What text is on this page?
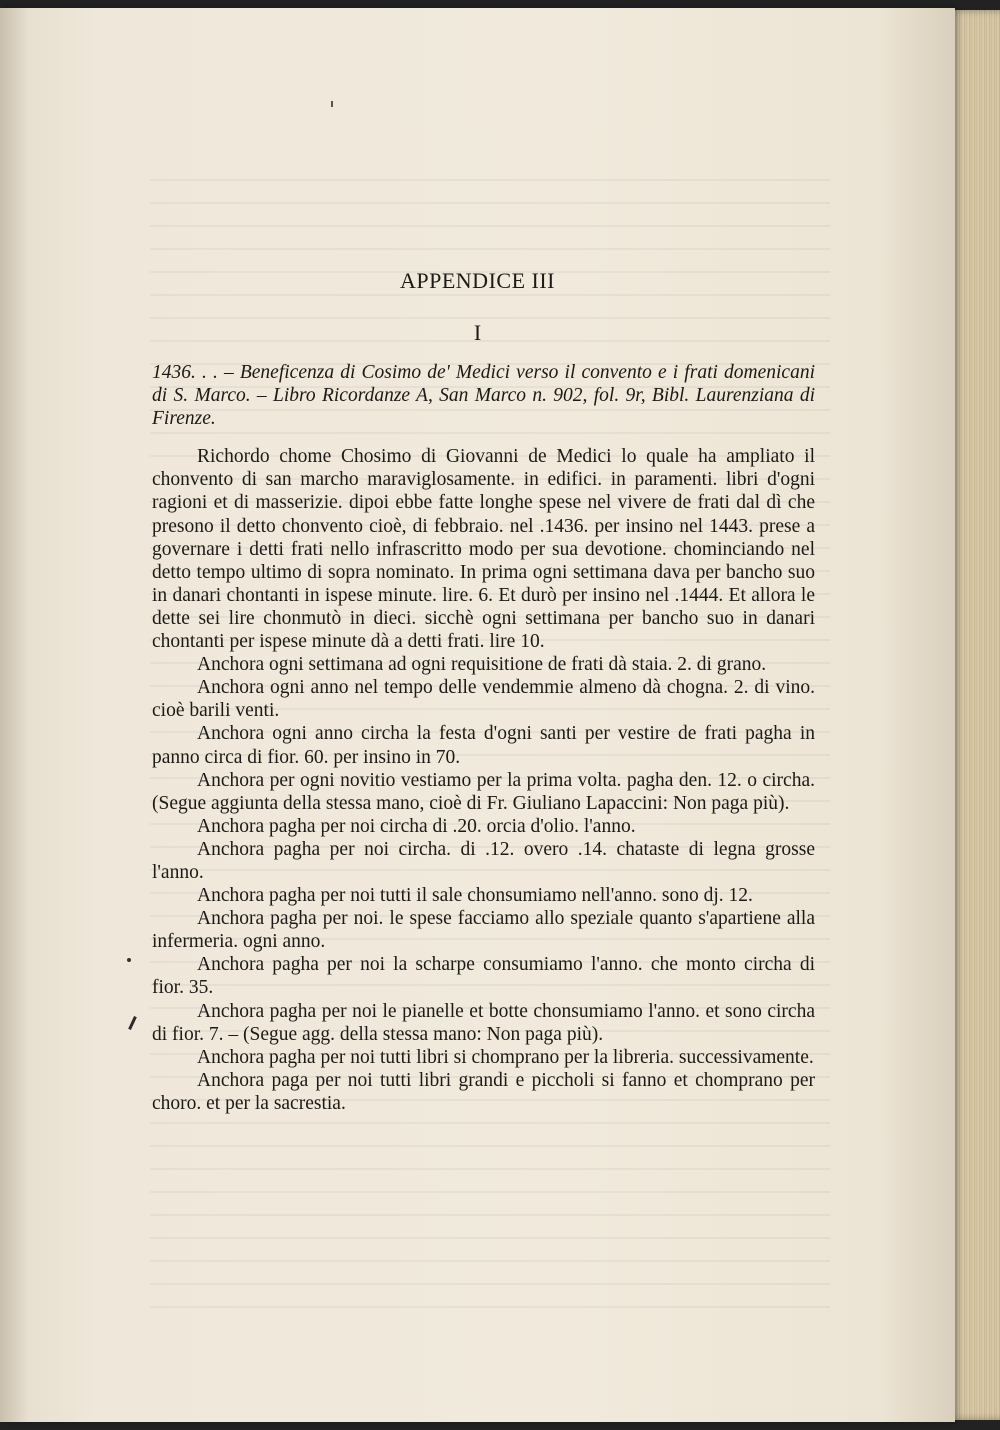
APPENDICE III
I

1436. . . – Beneficenza di Cosimo de' Medici verso il convento e i frati domenicani di S. Marco. – Libro Ricordanze A, San Marco n. 902, fol. 9r, Bibl. Laurenziana di Firenze.

Richordo chome Chosimo di Giovanni de Medici lo quale ha ampliato il chonvento di san marcho maraviglosamente. in edifici. in paramenti. libri d'ogni ragioni et di masserizie. dipoi ebbe fatte longhe spese nel vivere de frati dal dì che presono il detto chonvento cioè, di febbraio. nel .1436. per insino nel 1443. prese a governare i detti frati nello infrascritto modo per sua devotione. chominciando nel detto tempo ultimo di sopra nominato. In prima ogni settimana dava per bancho suo in danari chontanti in ispese minute. lire. 6. Et durò per insino nel .1444. Et allora le dette sei lire chonmutò in dieci. sicchè ogni settimana per bancho suo in danari chontanti per ispese minute dà a detti frati. lire 10.

Anchora ogni settimana ad ogni requisitione de frati dà staia. 2. di grano.

Anchora ogni anno nel tempo delle vendemmie almeno dà chogna. 2. di vino. cioè barili venti.

Anchora ogni anno circha la festa d'ogni santi per vestire de frati pagha in panno circa di fior. 60. per insino in 70.

Anchora per ogni novitio vestiamo per la prima volta. pagha den. 12. o circha. (Segue aggiunta della stessa mano, cioè di Fr. Giuliano Lapaccini: Non paga più).

Anchora pagha per noi circha di .20. orcia d'olio. l'anno.

Anchora pagha per noi circha. di .12. overo .14. chataste di legna grosse l'anno.

Anchora pagha per noi tutti il sale chonsumiamo nell'anno. sono dj. 12.

Anchora pagha per noi. le spese facciamo allo speziale quanto s'apartiene alla infermeria. ogni anno.

Anchora pagha per noi la scharpe consumiamo l'anno. che monto circha di fior. 35.

Anchora pagha per noi le pianelle et botte chonsumiamo l'anno. et sono circha di fior. 7. – (Segue agg. della stessa mano: Non paga più).

Anchora pagha per noi tutti libri si chomprano per la libreria. successivamente.

Anchora paga per noi tutti libri grandi e piccholi si fanno et chomprano per choro. et per la sacrestia.
